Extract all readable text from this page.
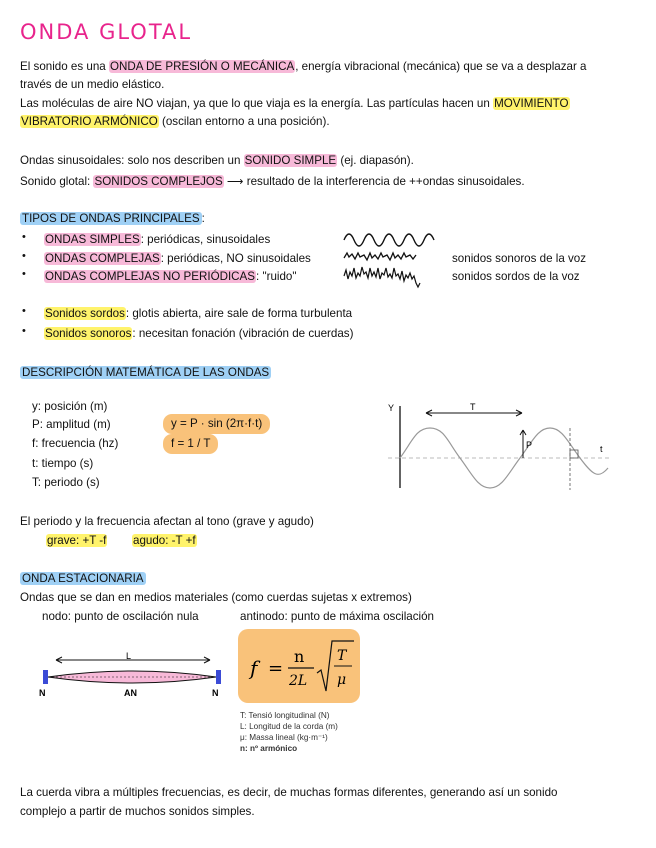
ONDA GLOTAL
El sonido es una ONDA DE PRESIÓN O MECÁNICA, energía vibracional (mecánica) que se va a desplazar a
través de un medio elástico.
Las moléculas de aire NO viajan, ya que lo que viaja es la energía. Las partículas hacen un MOVIMIENTO
VIBRATORIO ARMÓNICO (oscilan entorno a una posición).
Ondas sinusoidales: solo nos describen un SONIDO SIMPLE (ej. diapasón).
Sonido glotal: SONIDOS COMPLEJOS ⟶ resultado de la interferencia de ++ondas sinusoidales.
TIPOS DE ONDAS PRINCIPALES :
• ONDAS SIMPLES: periódicas, sinusoidales
• ONDAS COMPLEJAS: periódicas, NO sinusoidales	sonidos sonoros de la voz
• ONDAS COMPLEJAS NO PERIÓDICAS: "ruido"	sonidos sordos de la voz
• Sonidos sordos: glotis abierta, aire sale de forma turbulenta
• Sonidos sonoros: necesitan fonación (vibración de cuerdas)
DESCRIPCIÓN MATEMÁTICA DE LAS ONDAS
y: posición (m)
P: amplitud (m)
f: frecuencia (hz)
t: tiempo (s)
T: periodo (s)
y = P · sin (2π·f·t)
f = 1 / T
Y
t
T
P
El periodo y la frecuencia afectan al tono (grave y agudo)
grave: +T -f agudo: -T +f
ONDA ESTACIONARIA
Ondas que se dan en medios materiales (como cuerdas sujetas x extremos)
nodo: punto de oscilación nula	antinodo: punto de máxima oscilación
L
N	AN	N
f =
n
2L
T
μ
T: Tensió longitudinal (N)
L: Longitud de la corda (m)
μ: Massa lineal (kg·m⁻¹)
n: nº armónico
La cuerda vibra a múltiples frecuencias, es decir, de muchas formas diferentes, generando así un sonido
complejo a partir de muchos sonidos simples.
